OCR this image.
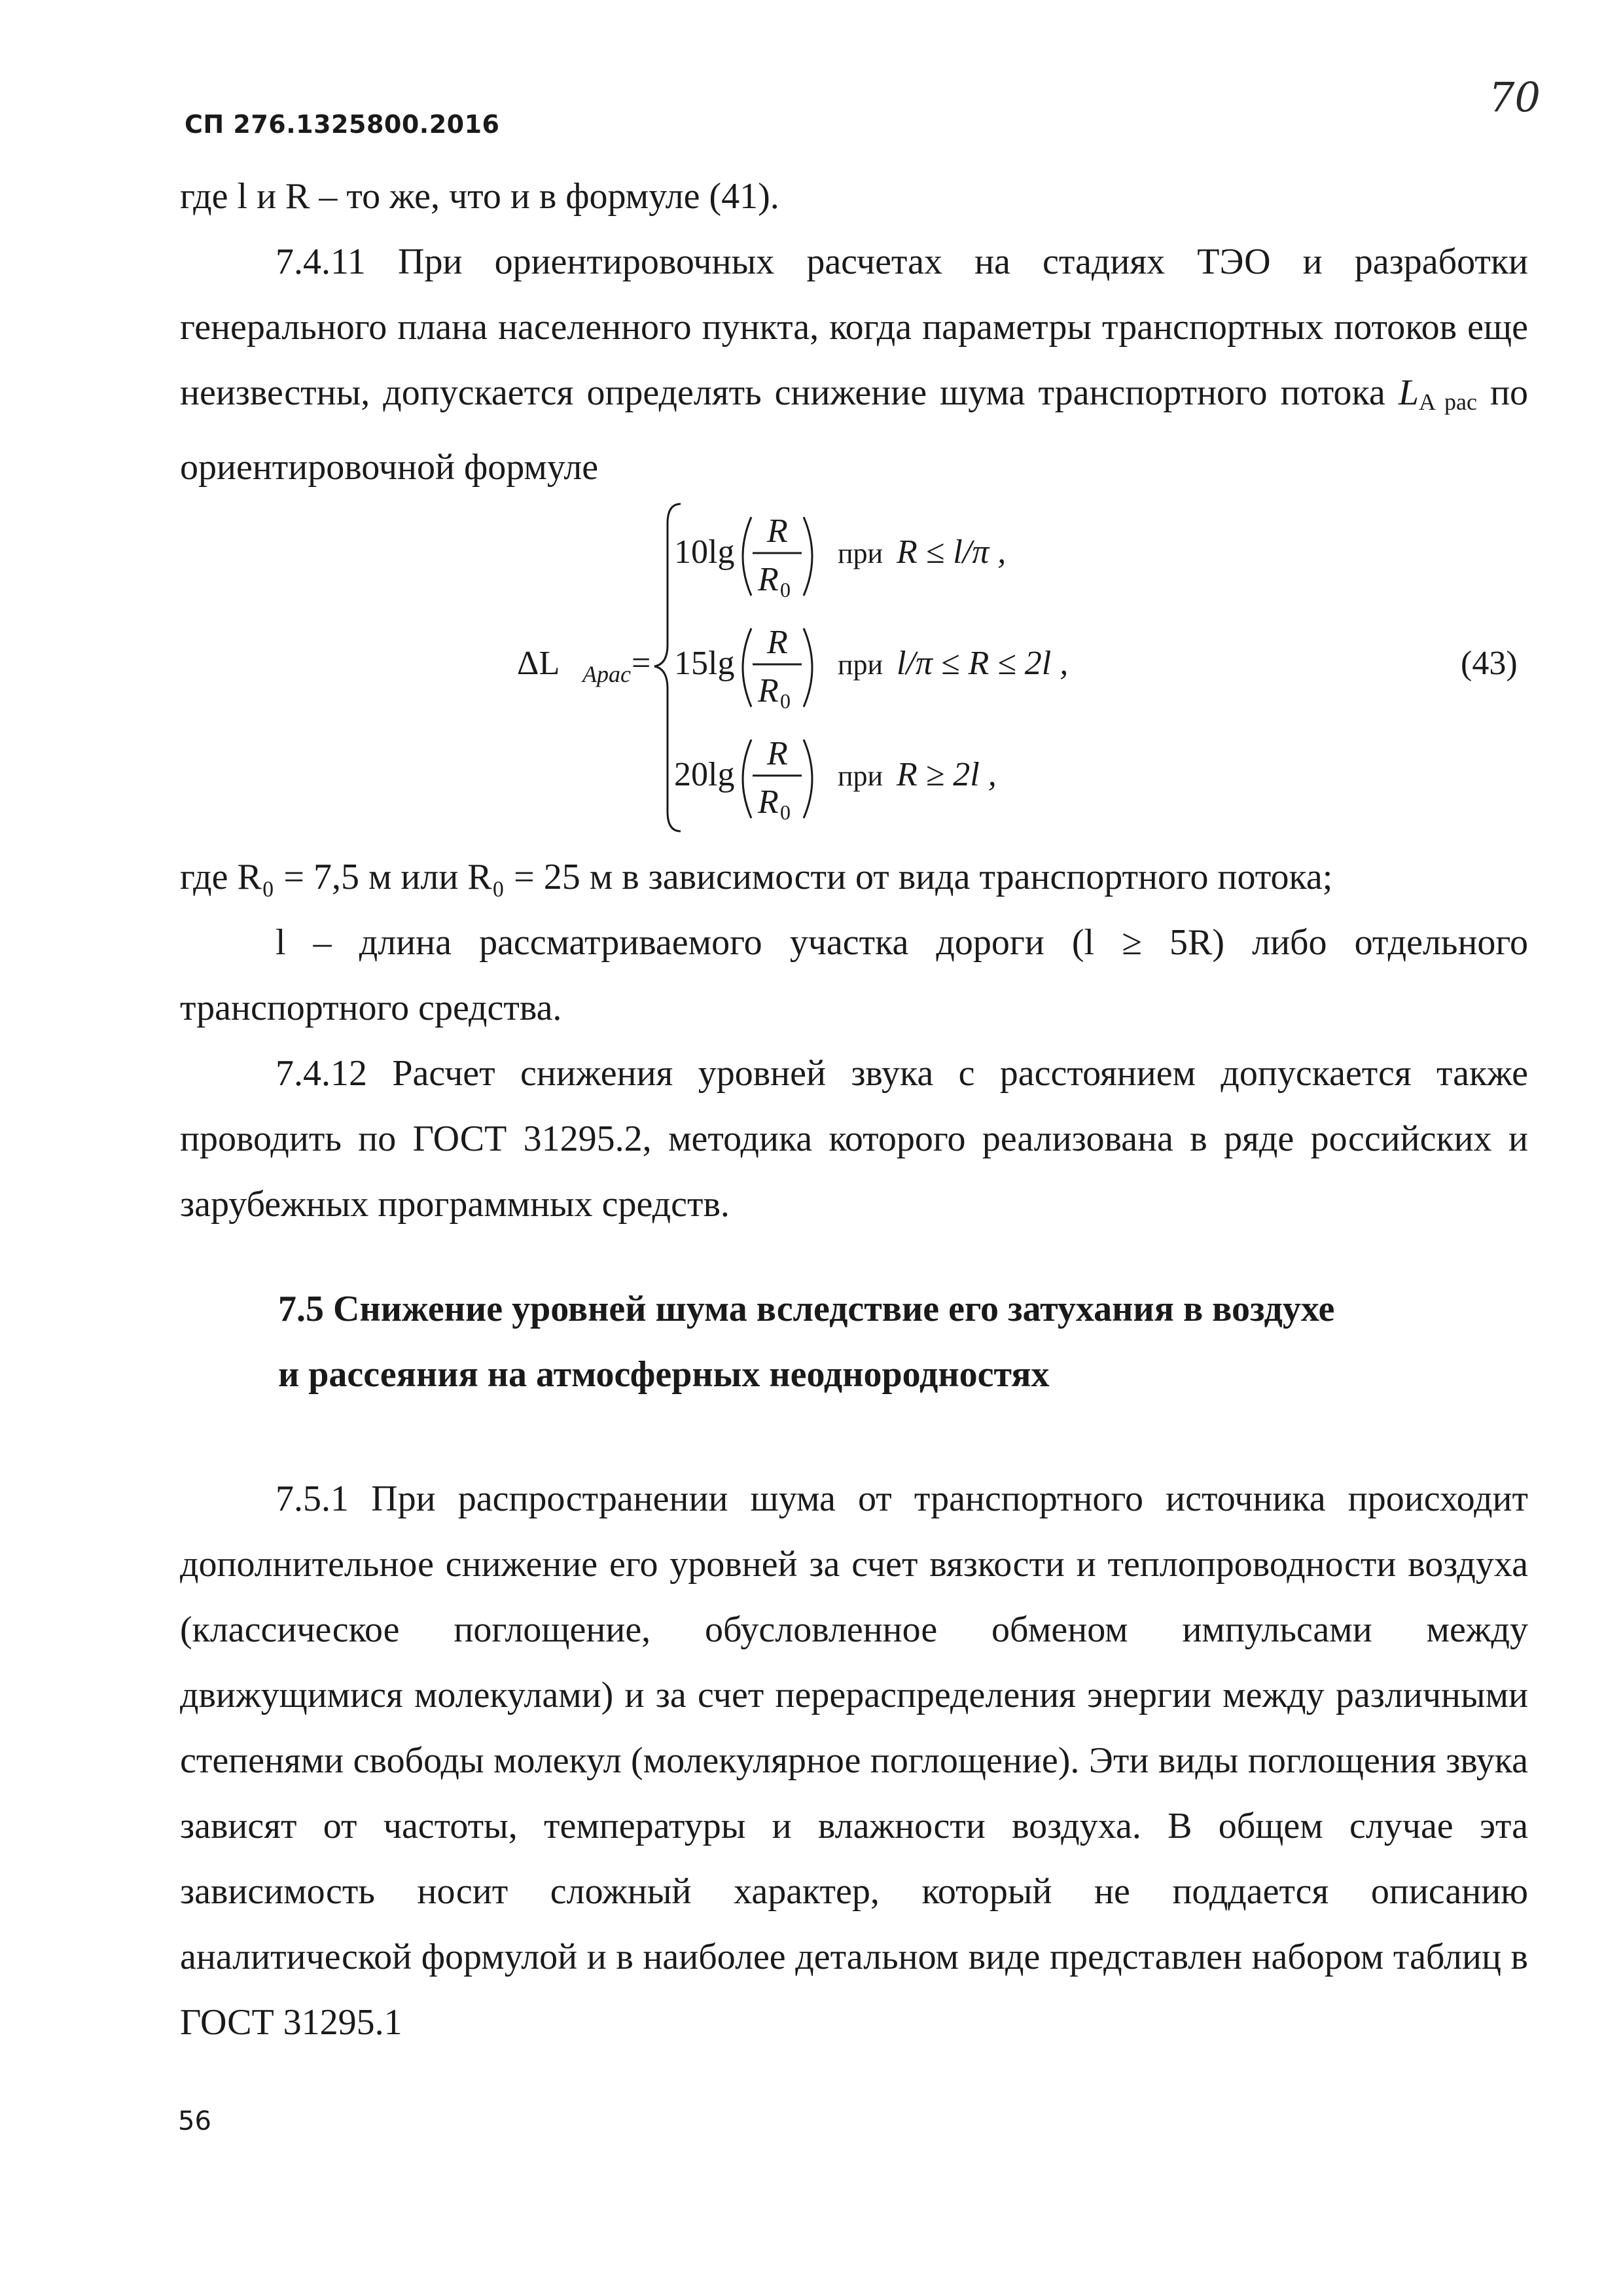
СП 276.1325800.2016
70

где l и R – то же, что и в формуле (41).

7.4.11 При ориентировочных расчетах на стадиях ТЭО и разработки генерального плана населенного пункта, когда параметры транспортных потоков еще неизвестны, допускается определять снижение шума транспортного потока $L_{A рас}$ по ориентировочной формуле

ΔL Aрас =
10lg
R
R 0
при R ≤ l/π ,
15lg
R
R 0
при l/π ≤ R ≤ 2l ,
20lg
R
R 0
при R ≥ 2l ,
(43)

где R₀ = 7,5 м или R₀ = 25 м в зависимости от вида транспортного потока;

l – длина рассматриваемого участка дороги (l ≥ 5R) либо отдельного транспортного средства.

7.4.12 Расчет снижения уровней звука с расстоянием допускается также проводить по ГОСТ 31295.2, методика которого реализована в ряде российских и зарубежных программных средств.

7.5 Снижение уровней шума вследствие его затухания в воздухе
и рассеяния на атмосферных неоднородностях

7.5.1 При распространении шума от транспортного источника происходит дополнительное снижение его уровней за счет вязкости и теплопроводности воздуха (классическое поглощение, обусловленное обменом импульсами между движущимися молекулами) и за счет перераспределения энергии между различными степенями свободы молекул (молекулярное поглощение). Эти виды поглощения звука зависят от частоты, температуры и влажности воздуха. В общем случае эта зависимость носит сложный характер, который не поддается описанию аналитической формулой и в наиболее детальном виде представлен набором таблиц в ГОСТ 31295.1

56
